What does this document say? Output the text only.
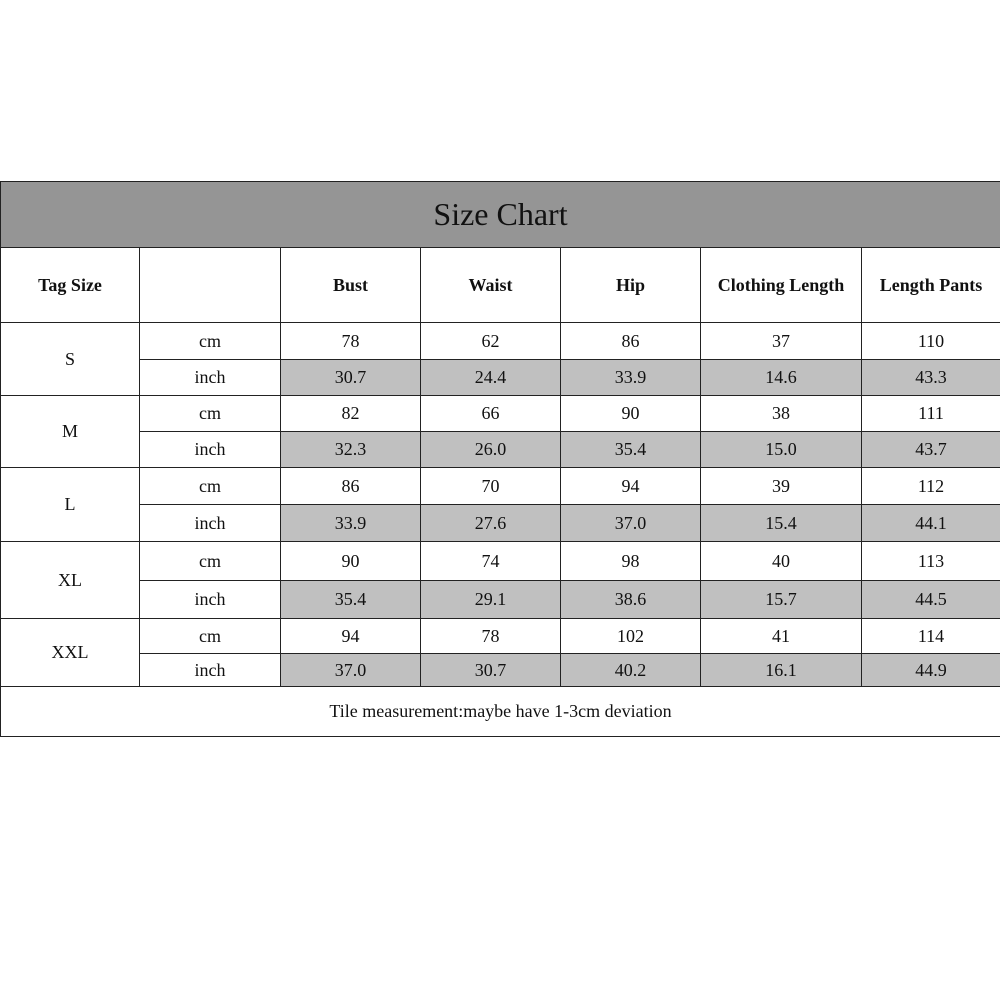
Size Chart						
Tag Size		Bust	Waist	Hip	Clothing Length	Length Pants
S	cm	78	62	86	37	110
	inch	30.7	24.4	33.9	14.6	43.3
M	cm	82	66	90	38	111
	inch	32.3	26.0	35.4	15.0	43.7
L	cm	86	70	94	39	112
	inch	33.9	27.6	37.0	15.4	44.1
XL	cm	90	74	98	40	113
	inch	35.4	29.1	38.6	15.7	44.5
XXL	cm	94	78	102	41	114
	inch	37.0	30.7	40.2	16.1	44.9
Tile measurement:maybe have 1-3cm deviation						
